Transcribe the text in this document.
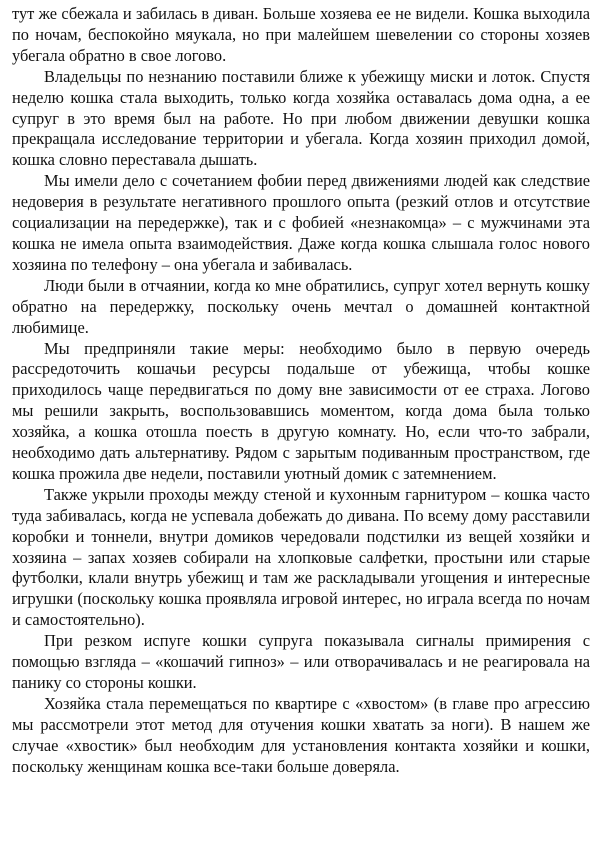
тут же сбежала и забилась в диван. Больше хозяева ее не видели. Кошка выходила по ночам, беспокойно мяукала, но при малейшем шевелении со стороны хозяев убегала обратно в свое логово.

Владельцы по незнанию поставили ближе к убежищу миски и лоток. Спустя неделю кошка стала выходить, только когда хозяйка оставалась дома одна, а ее супруг в это время был на работе. Но при любом движении девушки кошка прекращала исследование территории и убегала. Когда хозяин приходил домой, кошка словно переставала дышать.

Мы имели дело с сочетанием фобии перед движениями людей как следствие недоверия в результате негативного прошлого опыта (резкий отлов и отсутствие социализации на передержке), так и с фобией «незнакомца» – с мужчинами эта кошка не имела опыта взаимодействия. Даже когда кошка слышала голос нового хозяина по телефону – она убегала и забивалась.

Люди были в отчаянии, когда ко мне обратились, супруг хотел вернуть кошку обратно на передержку, поскольку очень мечтал о домашней контактной любимице.

Мы предприняли такие меры: необходимо было в первую очередь рассредоточить кошачьи ресурсы подальше от убежища, чтобы кошке приходилось чаще передвигаться по дому вне зависимости от ее страха. Логово мы решили закрыть, воспользовавшись моментом, когда дома была только хозяйка, а кошка отошла поесть в другую комнату. Но, если что-то забрали, необходимо дать альтернативу. Рядом с зарытым подиванным пространством, где кошка прожила две недели, поставили уютный домик с затемнением.

Также укрыли проходы между стеной и кухонным гарнитуром – кошка часто туда забивалась, когда не успевала добежать до дивана. По всему дому расставили коробки и тоннели, внутри домиков чередовали подстилки из вещей хозяйки и хозяина – запах хозяев собирали на хлопковые салфетки, простыни или старые футболки, клали внутрь убежищ и там же раскладывали угощения и интересные игрушки (поскольку кошка проявляла игровой интерес, но играла всегда по ночам и самостоятельно).

При резком испуге кошки супруга показывала сигналы примирения с помощью взгляда – «кошачий гипноз» – или отворачивалась и не реагировала на панику со стороны кошки.

Хозяйка стала перемещаться по квартире с «хвостом» (в главе про агрессию мы рассмотрели этот метод для отучения кошки хватать за ноги). В нашем же случае «хвостик» был необходим для установления контакта хозяйки и кошки, поскольку женщинам кошка все-таки больше доверяла.
